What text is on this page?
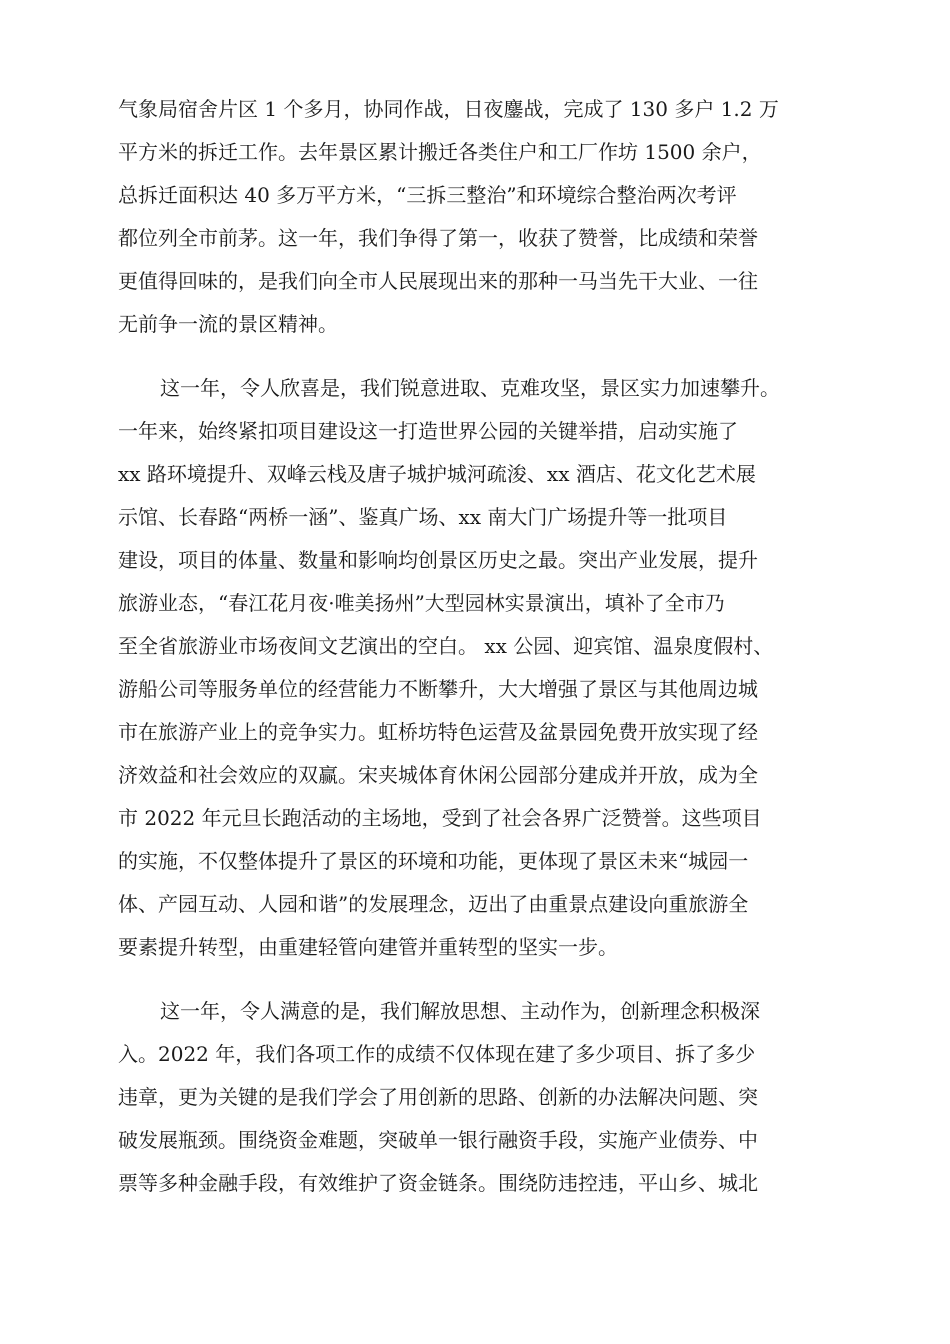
气象局宿舍片区 1 个多月，协同作战，日夜鏖战，完成了 130 多户 1.2 万

平方米的拆迁工作。去年景区累计搬迁各类住户和工厂作坊 1500 余户，

总拆迁面积达 40 多万平方米，“三拆三整治”和环境综合整治两次考评

都位列全市前茅。这一年，我们争得了第一，收获了赞誉，比成绩和荣誉

更值得回味的，是我们向全市人民展现出来的那种一马当先干大业、一往

无前争一流的景区精神。

这一年，令人欣喜是，我们锐意进取、克难攻坚，景区实力加速攀升。

一年来，始终紧扣项目建设这一打造世界公园的关键举措，启动实施了

xx 路环境提升、双峰云栈及唐子城护城河疏浚、xx 酒店、花文化艺术展

示馆、长春路“两桥一涵”、鉴真广场、xx 南大门广场提升等一批项目

建设，项目的体量、数量和影响均创景区历史之最。突出产业发展，提升

旅游业态，“春江花月夜·唯美扬州”大型园林实景演出，填补了全市乃

至全省旅游业市场夜间文艺演出的空白。 xx 公园、迎宾馆、温泉度假村、

游船公司等服务单位的经营能力不断攀升，大大增强了景区与其他周边城

市在旅游产业上的竞争实力。虹桥坊特色运营及盆景园免费开放实现了经

济效益和社会效应的双赢。宋夹城体育休闲公园部分建成并开放，成为全

市 2022 年元旦长跑活动的主场地，受到了社会各界广泛赞誉。这些项目

的实施，不仅整体提升了景区的环境和功能，更体现了景区未来“城园一

体、产园互动、人园和谐”的发展理念，迈出了由重景点建设向重旅游全

要素提升转型，由重建轻管向建管并重转型的坚实一步。

这一年，令人满意的是，我们解放思想、主动作为，创新理念积极深

入。2022 年，我们各项工作的成绩不仅体现在建了多少项目、拆了多少

违章，更为关键的是我们学会了用创新的思路、创新的办法解决问题、突

破发展瓶颈。围绕资金难题，突破单一银行融资手段，实施产业债券、中

票等多种金融手段，有效维护了资金链条。围绕防违控违，平山乡、城北
